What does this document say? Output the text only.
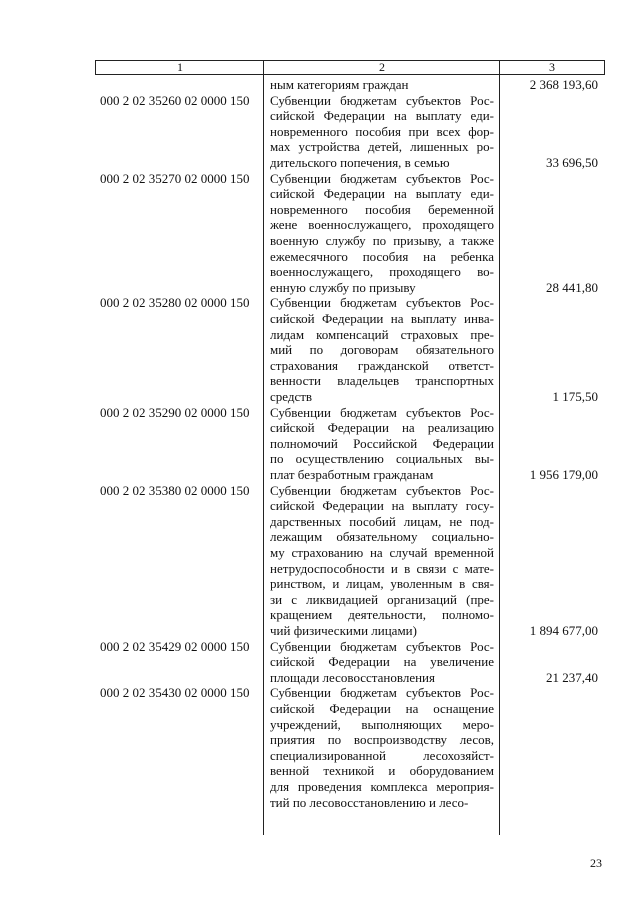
1	2	3
ным категориям граждан	2 368 193,60
000 2 02 35260 02 0000 150 Субвенции бюджетам субъектов Рос-
сийской Федерации на выплату еди-
новременного пособия при всех фор-
мах устройства детей, лишенных ро-
дительского попечения, в семью	33 696,50
000 2 02 35270 02 0000 150 Субвенции бюджетам субъектов Рос-
сийской Федерации на выплату еди-
новременного пособия беременной
жене военнослужащего, проходящего
военную службу по призыву, а также
ежемесячного пособия на ребенка
военнослужащего, проходящего во-
енную службу по призыву	28 441,80
000 2 02 35280 02 0000 150 Субвенции бюджетам субъектов Рос-
сийской Федерации на выплату инва-
лидам компенсаций страховых пре-
мий по договорам обязательного
страхования гражданской ответст-
венности владельцев транспортных
средств	1 175,50
000 2 02 35290 02 0000 150 Субвенции бюджетам субъектов Рос-
сийской Федерации на реализацию
полномочий Российской Федерации
по осуществлению социальных вы-
плат безработным гражданам	1 956 179,00
000 2 02 35380 02 0000 150 Субвенции бюджетам субъектов Рос-
сийской Федерации на выплату госу-
дарственных пособий лицам, не под-
лежащим обязательному социально-
му страхованию на случай временной
нетрудоспособности и в связи с мате-
ринством, и лицам, уволенным в свя-
зи с ликвидацией организаций (пре-
кращением деятельности, полномо-
чий физическими лицами)	1 894 677,00
000 2 02 35429 02 0000 150 Субвенции бюджетам субъектов Рос-
сийской Федерации на увеличение
площади лесовосстановления	21 237,40
000 2 02 35430 02 0000 150 Субвенции бюджетам субъектов Рос-
сийской Федерации на оснащение
учреждений, выполняющих меро-
приятия по воспроизводству лесов,
специализированной лесохозяйст-
венной техникой и оборудованием
для проведения комплекса мероприя-
тий по лесовосстановлению и лесо-
23
